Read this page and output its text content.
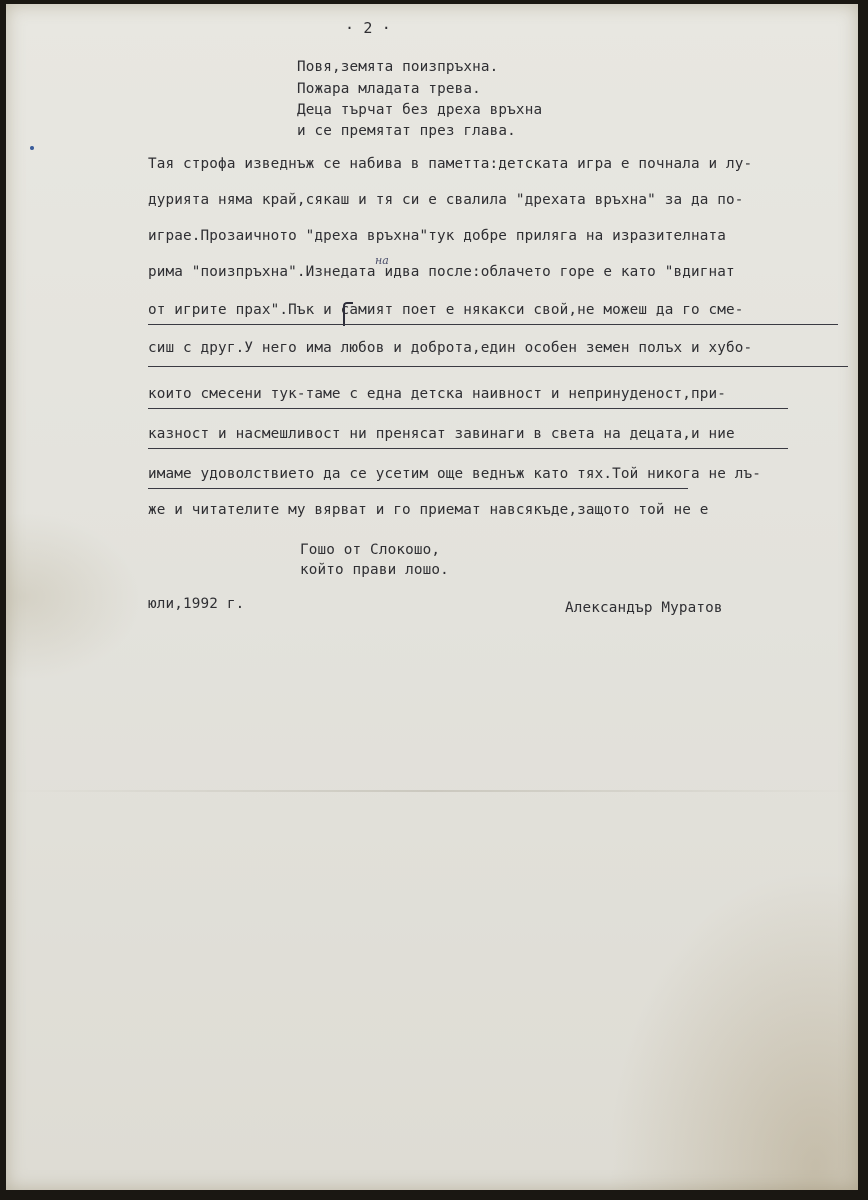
· 2 ·

Повя,земята поизпръхна.

Пожара младата трева.

Деца търчат без дреха връхна

и се премятат през глава.

Тая строфа изведнъж се набива в паметта:детската игра е почнала и лу-

дурията няма край,сякаш и тя си е свалила "дрехата връхна" за да по-

играе.Прозаичното "дреха връхна"тук добре приляга на изразителната

рима "поизпръхна".Изнедата идва после:облачето горе е като "вдигнат

от игрите прах".Пък и самият поет е някакси свой,не можеш да го сме-

сиш с друг.У него има любов и доброта,един особен земен полъх и хубо-

които смесени тук-таме с една детска наивност и непринуденост,при-

казност и насмешливост ни пренясат завинаги в света на децата,и ние

имаме удоволствието да се усетим още веднъж като тях.Той никога не лъ-

же и читателите му вярват и го приемат навсякъде,защото той не е

на

Гошо от Слокошо,

който прави лошо.

юли,1992 г.	Александър Муратов
